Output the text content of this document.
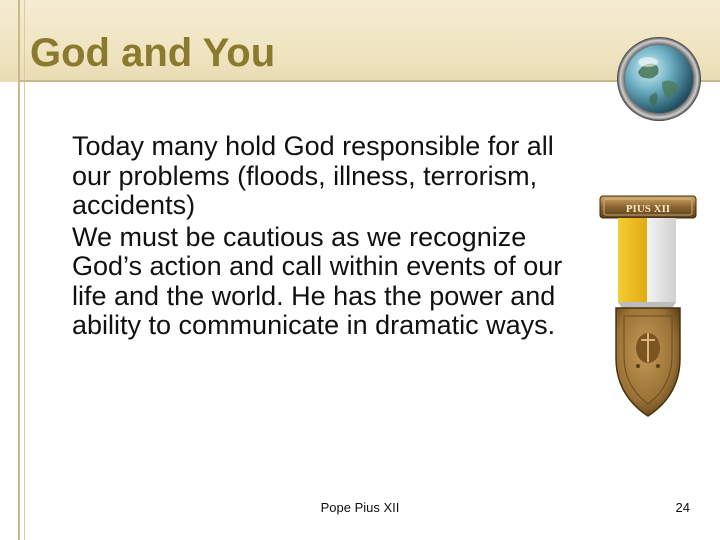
God and You
PIUS XII

Today many hold God responsible for all our problems (floods, illness, terrorism, accidents)

We must be cautious as we recognize God’s action and call within events of our life and the world. He has the power and ability to communicate in dramatic ways.

Pope Pius XII	24
